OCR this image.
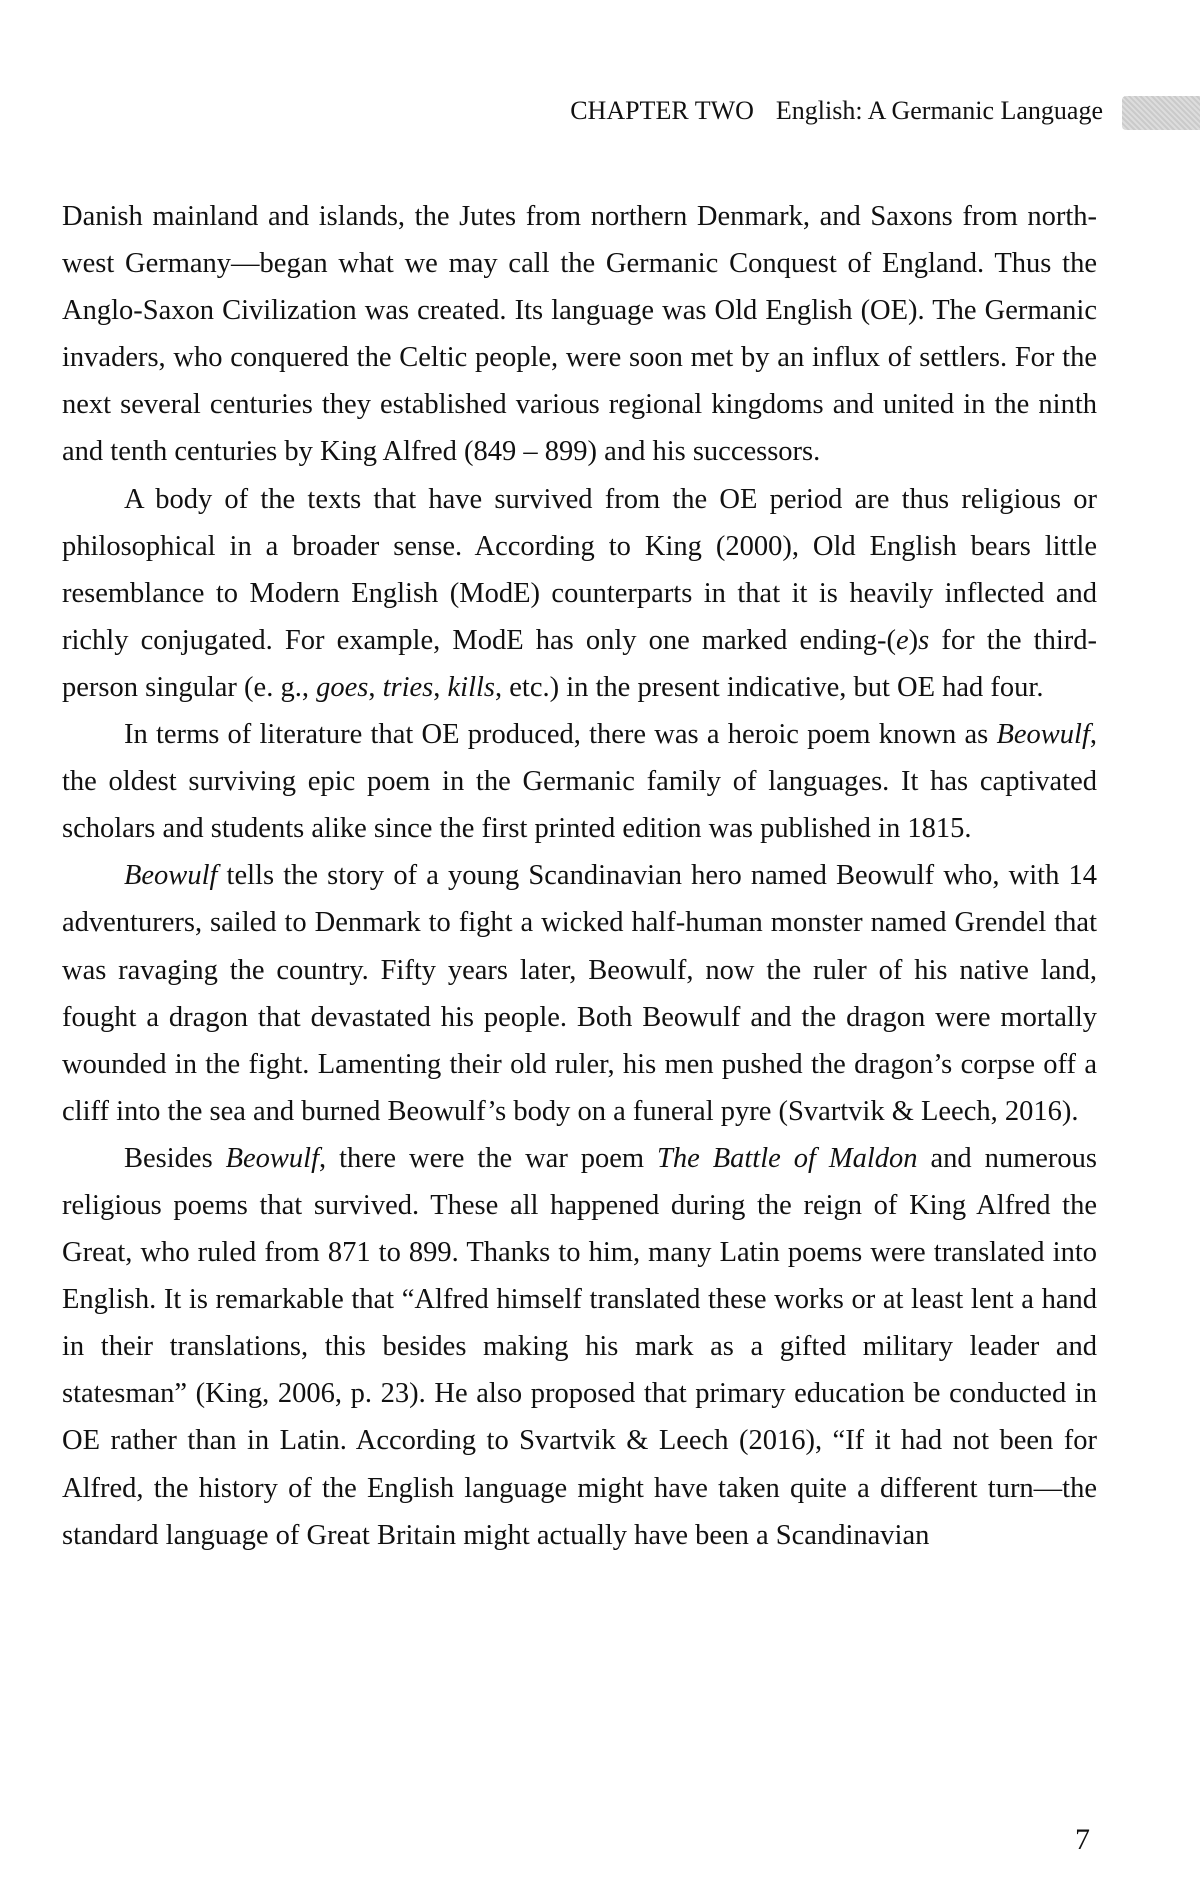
CHAPTER TWO English: A Germanic Language

Danish mainland and islands, the Jutes from northern Denmark, and Saxons from north-west Germany—began what we may call the Germanic Conquest of England. Thus the Anglo-Saxon Civilization was created. Its language was Old English (OE). The Germanic invaders, who conquered the Celtic people, were soon met by an influx of settlers. For the next several centuries they established various regional kingdoms and united in the ninth and tenth centuries by King Alfred (849 – 899) and his successors.

A body of the texts that have survived from the OE period are thus religious or philosophical in a broader sense. According to King (2000), Old English bears little resemblance to Modern English (ModE) counterparts in that it is heavily inflected and richly conjugated. For example, ModE has only one marked ending-(e)s for the third-person singular (e. g., goes, tries, kills, etc.) in the present indicative, but OE had four.

In terms of literature that OE produced, there was a heroic poem known as Beowulf, the oldest surviving epic poem in the Germanic family of languages. It has captivated scholars and students alike since the first printed edition was published in 1815.

Beowulf tells the story of a young Scandinavian hero named Beowulf who, with 14 adventurers, sailed to Denmark to fight a wicked half-human monster named Grendel that was ravaging the country. Fifty years later, Beowulf, now the ruler of his native land, fought a dragon that devastated his people. Both Beowulf and the dragon were mortally wounded in the fight. Lamenting their old ruler, his men pushed the dragon’s corpse off a cliff into the sea and burned Beowulf’s body on a funeral pyre (Svartvik & Leech, 2016).

Besides Beowulf, there were the war poem The Battle of Maldon and numerous religious poems that survived. These all happened during the reign of King Alfred the Great, who ruled from 871 to 899. Thanks to him, many Latin poems were translated into English. It is remarkable that “Alfred himself translated these works or at least lent a hand in their translations, this besides making his mark as a gifted military leader and statesman” (King, 2006, p. 23). He also proposed that primary education be conducted in OE rather than in Latin. According to Svartvik & Leech (2016), “If it had not been for Alfred, the history of the English language might have taken quite a different turn—the standard language of Great Britain might actually have been a Scandinavian

7
